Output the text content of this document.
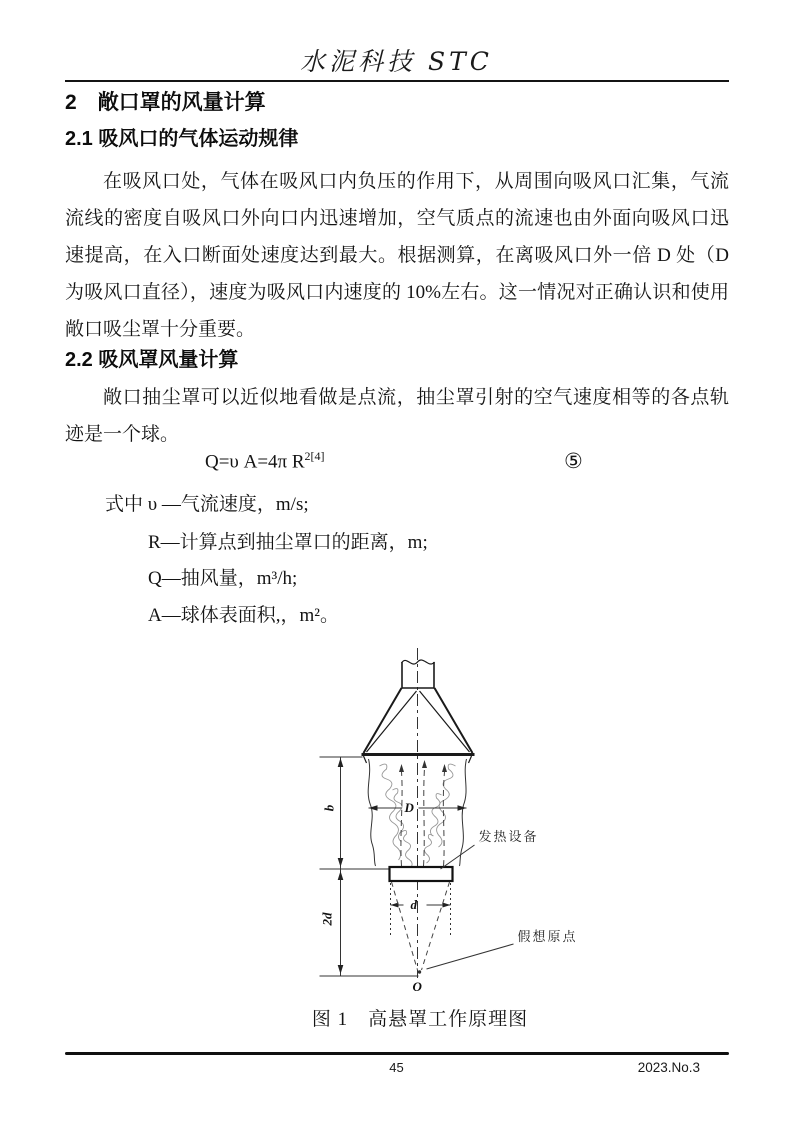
水泥科技 STC
2　敞口罩的风量计算
2.1 吸风口的气体运动规律
在吸风口处，气体在吸风口内负压的作用下，从周围向吸风口汇集，气流流线的密度自吸风口外向口内迅速增加，空气质点的流速也由外面向吸风口迅速提高，在入口断面处速度达到最大。根据测算，在离吸风口外一倍 D 处（D 为吸风口直径），速度为吸风口内速度的 10%左右。这一情况对正确认识和使用敞口吸尘罩十分重要。
2.2 吸风罩风量计算
敞口抽尘罩可以近似地看做是点流，抽尘罩引射的空气速度相等的各点轨迹是一个球。
Q=υ A=4π $R^{2[4]}$	⑤
式中 υ —气流速度，m/s;
R—计算点到抽尘罩口的距离，m;
Q—抽风量，m³/h;
A—球体表面积,，m²。
D
b
2d
发热设备
d
O
假想原点
图 1　高悬罩工作原理图
45	2023.No.3
